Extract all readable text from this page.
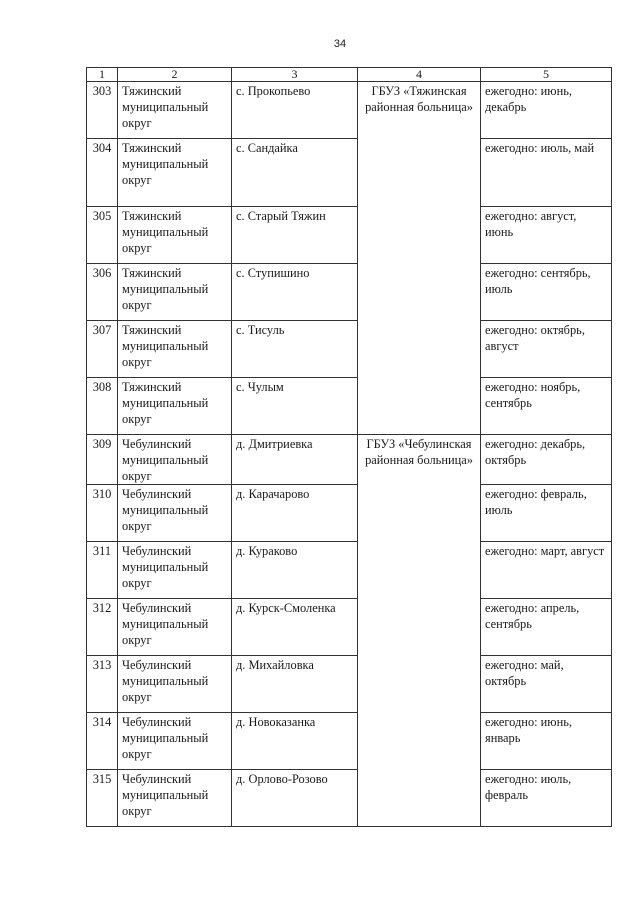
34
1	2	3	4	5
303	Тяжинский муниципальный округ	с. Прокопьево	ГБУЗ «Тяжинская районная больница»	ежегодно: июнь, декабрь
304	Тяжинский муниципальный округ	с. Сандайка		ежегодно: июль, май
305	Тяжинский муниципальный округ	с. Старый Тяжин		ежегодно: август, июнь
306	Тяжинский муниципальный округ	с. Ступишино		ежегодно: сентябрь, июль
307	Тяжинский муниципальный округ	с. Тисуль		ежегодно: октябрь, август
308	Тяжинский муниципальный округ	с. Чулым		ежегодно: ноябрь, сентябрь
309	Чебулинский муниципальный округ	д. Дмитриевка	ГБУЗ «Чебулинская районная больница»	ежегодно: декабрь, октябрь
310	Чебулинский муниципальный округ	д. Карачарово		ежегодно: февраль, июль
311	Чебулинский муниципальный округ	д. Кураково		ежегодно: март, август
312	Чебулинский муниципальный округ	д. Курск-Смоленка		ежегодно: апрель, сентябрь
313	Чебулинский муниципальный округ	д. Михайловка		ежегодно: май, октябрь
314	Чебулинский муниципальный округ	д. Новоказанка		ежегодно: июнь, январь
315	Чебулинский муниципальный округ	д. Орлово-Розово		ежегодно: июль, февраль
